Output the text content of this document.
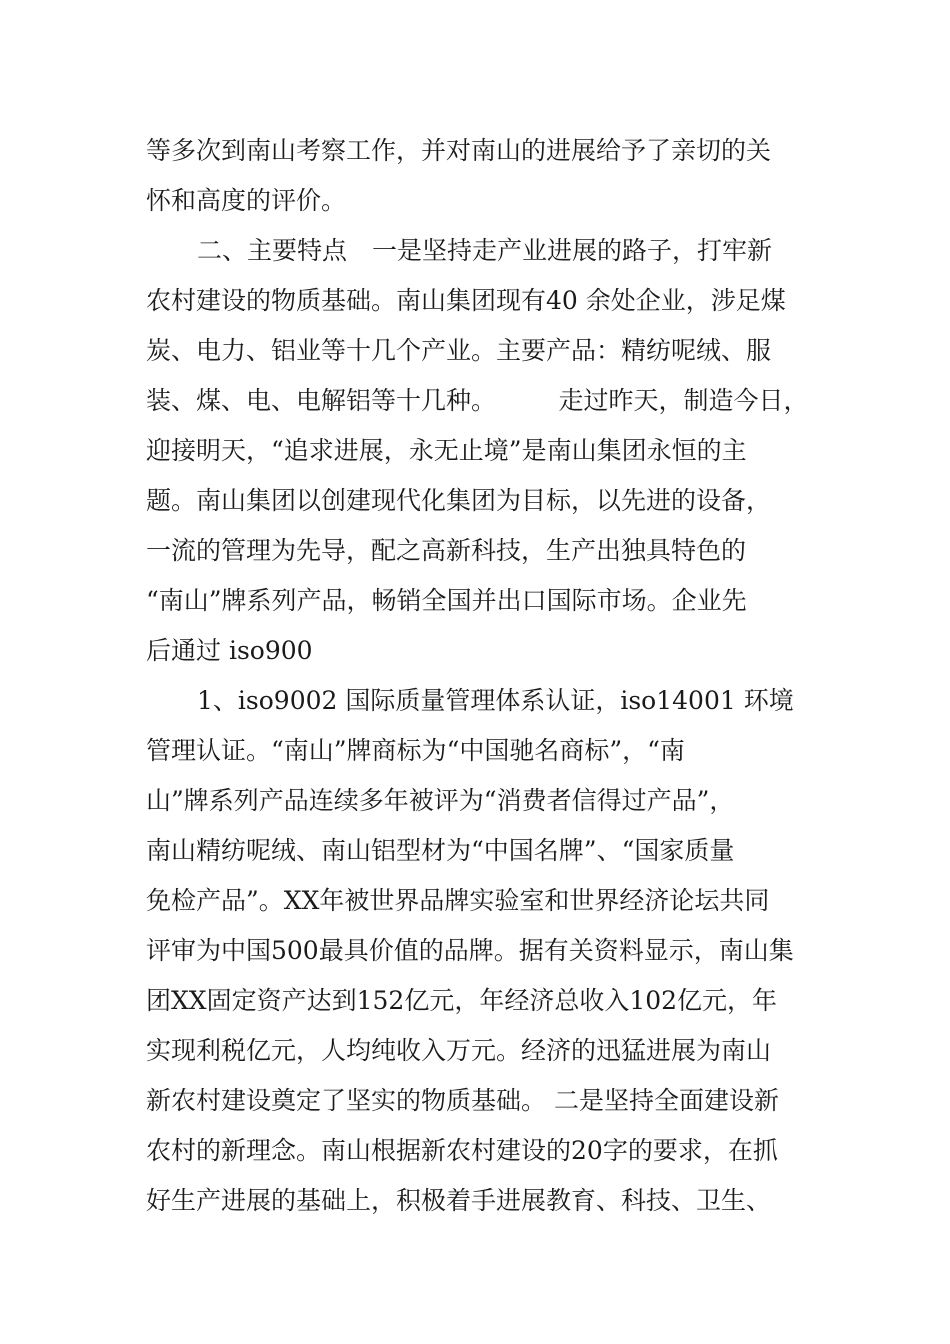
等多次到南山考察工作，并对南山的进展给予了亲切的关
怀和高度的评价。
二、主要特点　一是坚持走产业进展的路子，打牢新
农村建设的物质基础。南山集团现有40 余处企业，涉足煤
炭、电力、铝业等十几个产业。主要产品：精纺呢绒、服
装、煤、电、电解铝等十几种。　　　走过昨天，制造今日，
迎接明天，“追求进展，永无止境”是南山集团永恒的主
题。南山集团以创建现代化集团为目标，以先进的设备，
一流的管理为先导，配之高新科技，生产出独具特色的
“南山”牌系列产品，畅销全国并出口国际市场。企业先
后通过 iso900
1、iso9002 国际质量管理体系认证，iso14001 环境
管理认证。“南山”牌商标为“中国驰名商标”，“南
山”牌系列产品连续多年被评为“消费者信得过产品”，
南山精纺呢绒、南山铝型材为“中国名牌”、“国家质量
免检产品”。XX年被世界品牌实验室和世界经济论坛共同
评审为中国500最具价值的品牌。据有关资料显示，南山集
团XX固定资产达到152亿元，年经济总收入102亿元，年
实现利税亿元，人均纯收入万元。经济的迅猛进展为南山
新农村建设奠定了坚实的物质基础。 二是坚持全面建设新
农村的新理念。南山根据新农村建设的20字的要求，在抓
好生产进展的基础上，积极着手进展教育、科技、卫生、
